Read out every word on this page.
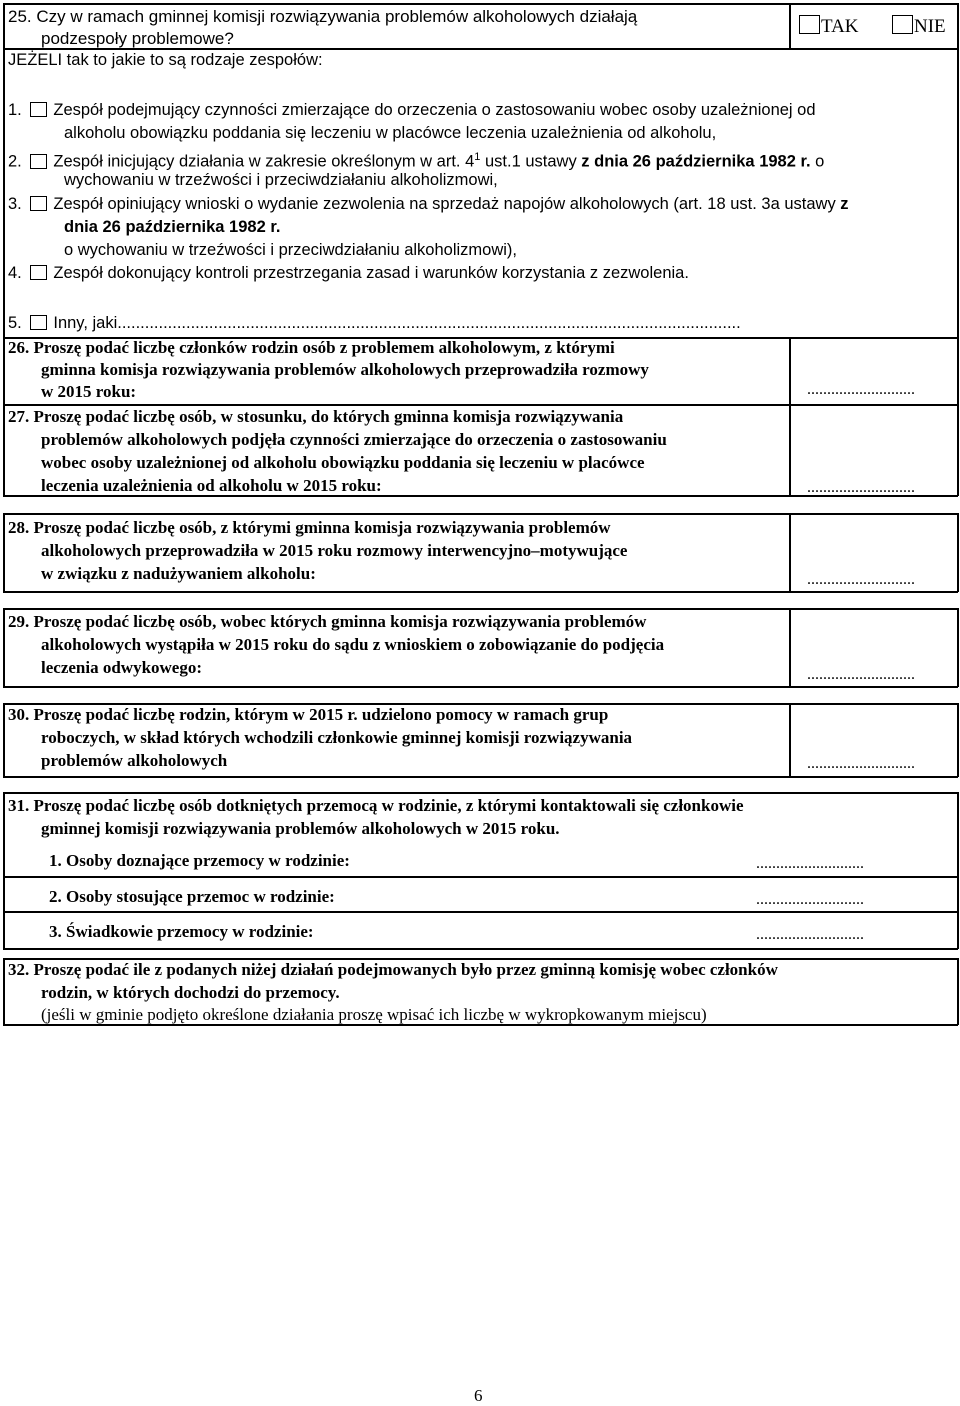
25. Czy w ramach gminnej komisji rozwiązywania problemów alkoholowych działają
podzespoły problemowe?
JEŻELI tak to jakie to są rodzaje zespołów:
TAK	NIE
1. Zespół podejmujący czynności zmierzające do orzeczenia o zastosowaniu wobec osoby uzależnionej od
alkoholu obowiązku poddania się leczeniu w placówce leczenia uzależnienia od alkoholu,
2. Zespół inicjujący działania w zakresie określonym w art. $4^1$ ust.1 ustawy z dnia 26 października 1982 r. o
wychowaniu w trzeźwości i przeciwdziałaniu alkoholizmowi,
3. Zespół opiniujący wnioski o wydanie zezwolenia na sprzedaż napojów alkoholowych (art. 18 ust. 3a ustawy z
dnia 26 października 1982 r.
o wychowaniu w trzeźwości i przeciwdziałaniu alkoholizmowi),
4. Zespół dokonujący kontroli przestrzegania zasad i warunków korzystania z zezwolenia.
5. Inny, jaki........................................................................................................................................
26. Proszę podać liczbę członków rodzin osób z problemem alkoholowym, z którymi
gminna komisja rozwiązywania problemów alkoholowych przeprowadziła rozmowy
w 2015 roku:	...........................
27. Proszę podać liczbę osób, w stosunku, do których gminna komisja rozwiązywania
problemów alkoholowych podjęła czynności zmierzające do orzeczenia o zastosowaniu
wobec osoby uzależnionej od alkoholu obowiązku poddania się leczeniu w placówce
leczenia uzależnienia od alkoholu w 2015 roku:	...........................
28. Proszę podać liczbę osób, z którymi gminna komisja rozwiązywania problemów
alkoholowych przeprowadziła w 2015 roku rozmowy interwencyjno–motywujące
w związku z nadużywaniem alkoholu:	...........................
29. Proszę podać liczbę osób, wobec których gminna komisja rozwiązywania problemów
alkoholowych wystąpiła w 2015 roku do sądu z wnioskiem o zobowiązanie do podjęcia
leczenia odwykowego:	...........................
30. Proszę podać liczbę rodzin, którym w 2015 r. udzielono pomocy w ramach grup
roboczych, w skład których wchodzili członkowie gminnej komisji rozwiązywania
problemów alkoholowych	...........................
31. Proszę podać liczbę osób dotkniętych przemocą w rodzinie, z którymi kontaktowali się członkowie
gminnej komisji rozwiązywania problemów alkoholowych w 2015 roku.
1. Osoby doznające przemocy w rodzinie:	...........................
2. Osoby stosujące przemoc w rodzinie:	...........................
3. Świadkowie przemocy w rodzinie:	...........................
32. Proszę podać ile z podanych niżej działań podejmowanych było przez gminną komisję wobec członków
rodzin, w których dochodzi do przemocy.
(jeśli w gminie podjęto określone działania proszę wpisać ich liczbę w wykropkowanym miejscu)
6
